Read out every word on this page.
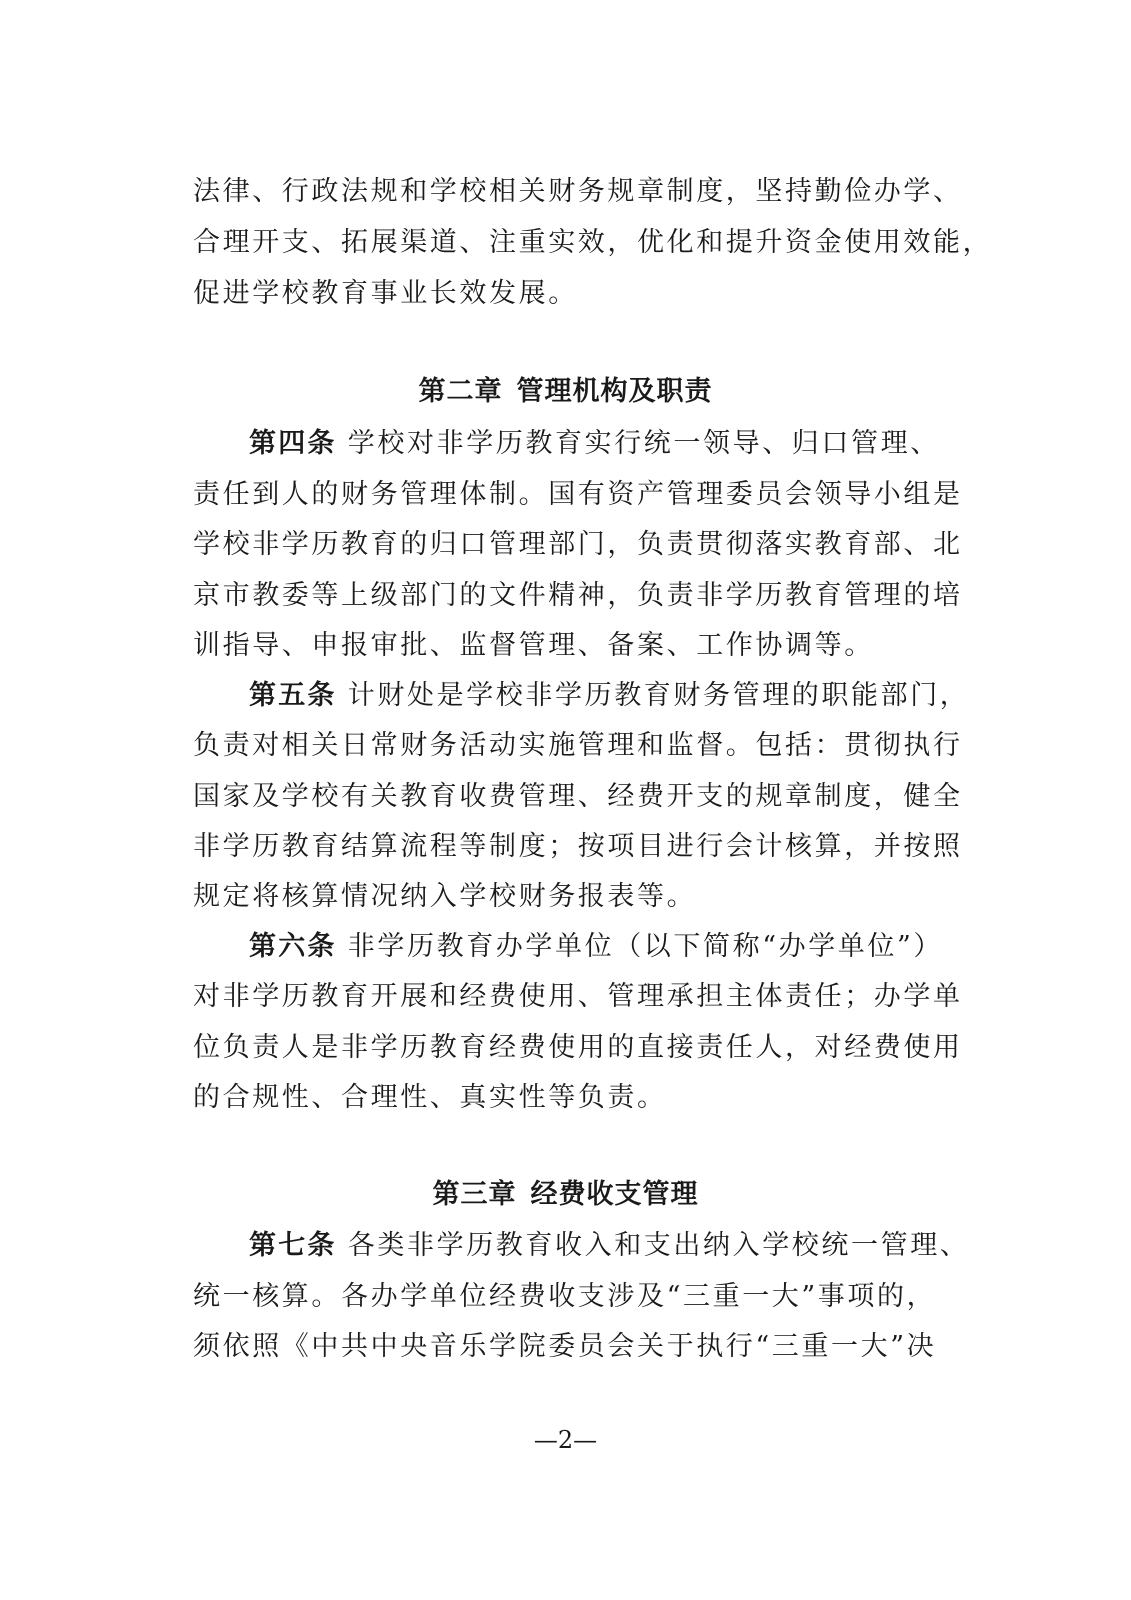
法律、行政法规和学校相关财务规章制度，坚持勤俭办学、
合理开支、拓展渠道、注重实效，优化和提升资金使用效能，
促进学校教育事业长效发展。
第二章 管理机构及职责
第四条 学校对非学历教育实行统一领导、归口管理、
责任到人的财务管理体制。国有资产管理委员会领导小组是
学校非学历教育的归口管理部门，负责贯彻落实教育部、北
京市教委等上级部门的文件精神，负责非学历教育管理的培
训指导、申报审批、监督管理、备案、工作协调等。
第五条 计财处是学校非学历教育财务管理的职能部门，
负责对相关日常财务活动实施管理和监督。包括：贯彻执行
国家及学校有关教育收费管理、经费开支的规章制度，健全
非学历教育结算流程等制度；按项目进行会计核算，并按照
规定将核算情况纳入学校财务报表等。
第六条 非学历教育办学单位（以下简称“办学单位”）
对非学历教育开展和经费使用、管理承担主体责任；办学单
位负责人是非学历教育经费使用的直接责任人，对经费使用
的合规性、合理性、真实性等负责。
第三章 经费收支管理
第七条 各类非学历教育收入和支出纳入学校统一管理、
统一核算。各办学单位经费收支涉及“三重一大”事项的，
须依照《中共中央音乐学院委员会关于执行“三重一大”决
—2—
